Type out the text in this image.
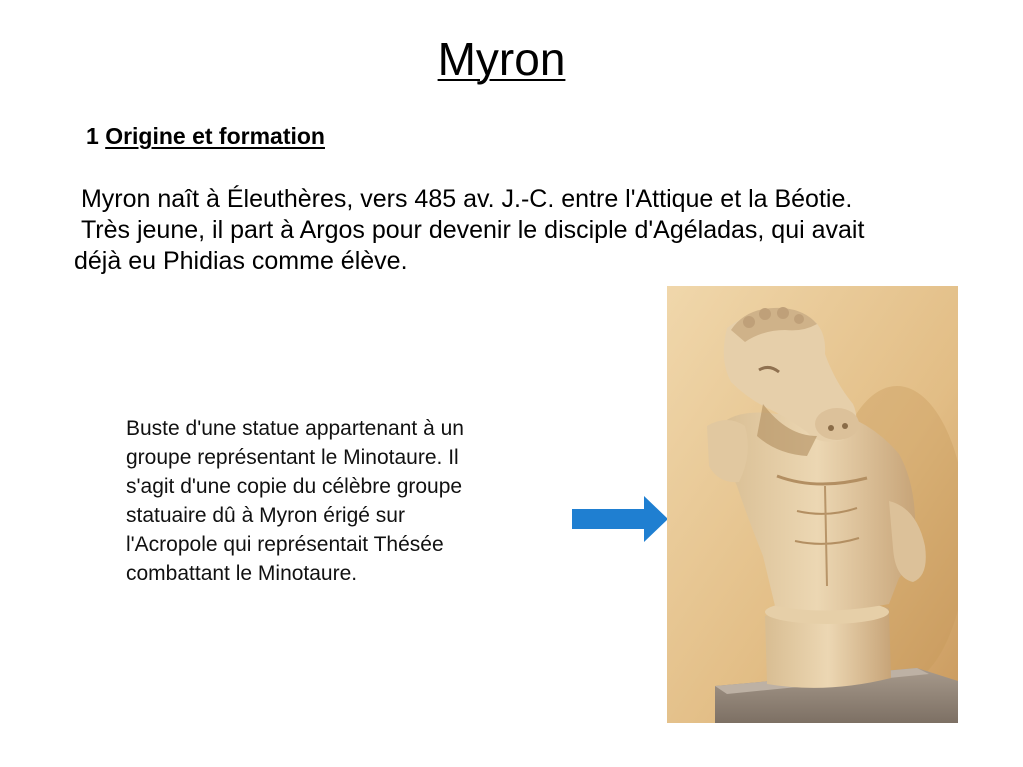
Myron
1 Origine et formation

Myron naît à Éleuthères, vers 485 av. J.-C. entre l'Attique et la Béotie.

Très jeune, il part à Argos pour devenir le disciple d'Agéladas, qui avait déjà eu Phidias comme élève.

Buste d'une statue appartenant à un

groupe représentant le Minotaure. Il

s'agit d'une copie du célèbre groupe

statuaire dû à Myron érigé sur

l'Acropole qui représentait Thésée

combattant le Minotaure.
